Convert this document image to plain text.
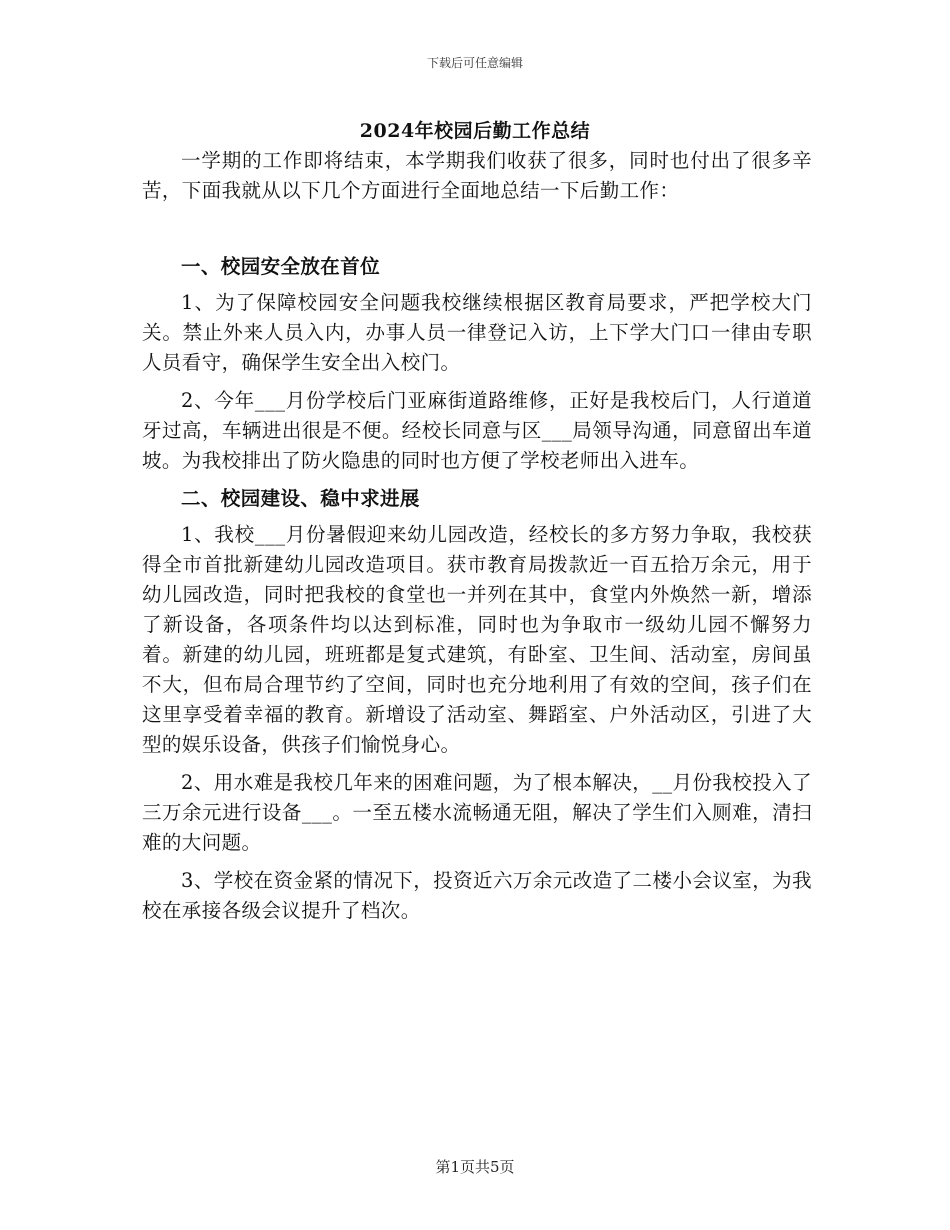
下载后可任意编辑
2024年校园后勤工作总结

一学期的工作即将结束，本学期我们收获了很多，同时也付出了很多辛苦，下面我就从以下几个方面进行全面地总结一下后勤工作：

一、校园安全放在首位

1、为了保障校园安全问题我校继续根据区教育局要求，严把学校大门关。禁止外来人员入内，办事人员一律登记入访，上下学大门口一律由专职人员看守，确保学生安全出入校门。

2、今年___月份学校后门亚麻街道路维修，正好是我校后门，人行道道牙过高，车辆进出很是不便。经校长同意与区___局领导沟通，同意留出车道坡。为我校排出了防火隐患的同时也方便了学校老师出入进车。

二、校园建设、稳中求进展

1、我校___月份暑假迎来幼儿园改造，经校长的多方努力争取，我校获得全市首批新建幼儿园改造项目。获市教育局拨款近一百五拾万余元，用于幼儿园改造，同时把我校的食堂也一并列在其中，食堂内外焕然一新，增添了新设备，各项条件均以达到标准，同时也为争取市一级幼儿园不懈努力着。新建的幼儿园，班班都是复式建筑，有卧室、卫生间、活动室，房间虽不大，但布局合理节约了空间，同时也充分地利用了有效的空间，孩子们在这里享受着幸福的教育。新增设了活动室、舞蹈室、户外活动区，引进了大型的娱乐设备，供孩子们愉悦身心。

2、用水难是我校几年来的困难问题，为了根本解决，__月份我校投入了三万余元进行设备___。一至五楼水流畅通无阻，解决了学生们入厕难，清扫难的大问题。

3、学校在资金紧的情况下，投资近六万余元改造了二楼小会议室，为我校在承接各级会议提升了档次。

第1页共5页
